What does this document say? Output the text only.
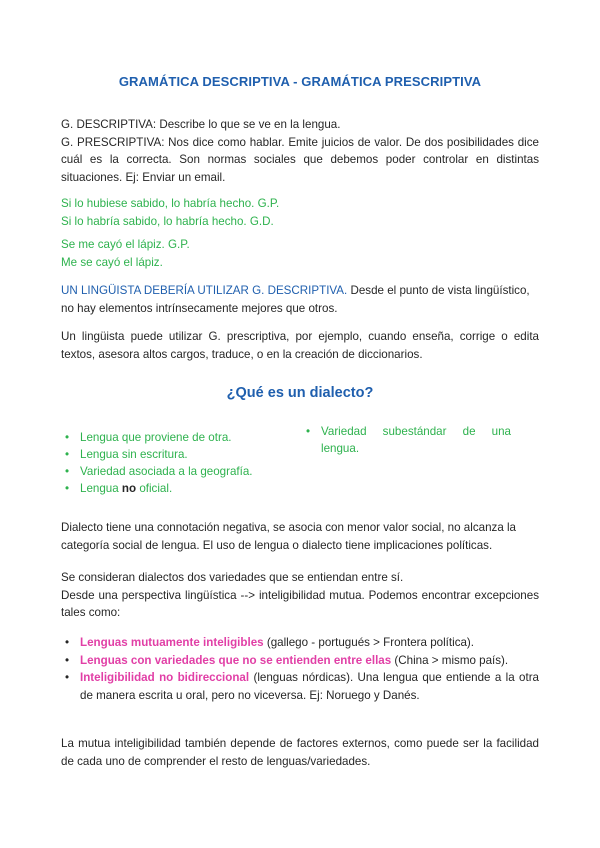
GRAMÁTICA DESCRIPTIVA - GRAMÁTICA PRESCRIPTIVA
G. DESCRIPTIVA: Describe lo que se ve en la lengua.
G. PRESCRIPTIVA: Nos dice como hablar. Emite juicios de valor. De dos posibilidades dice cuál es la correcta. Son normas sociales que debemos poder controlar en distintas situaciones. Ej: Enviar un email.
Si lo hubiese sabido, lo habría hecho. G.P.
Si lo habría sabido, lo habría hecho. G.D.
Se me cayó el lápiz. G.P.
Me se cayó el lápiz.
UN LINGÜISTA DEBERÍA UTILIZAR G. DESCRIPTIVA. Desde el punto de vista lingüístico, no hay elementos intrínsecamente mejores que otros.
Un lingüista puede utilizar G. prescriptiva, por ejemplo, cuando enseña, corrige o edita textos, asesora altos cargos, traduce, o en la creación de diccionarios.
¿Qué es un dialecto?
• Lengua que proviene de otra.
• Lengua sin escritura.
• Variedad asociada a la geografía.
• Lengua no oficial.
• Variedad subestándar de una lengua.
Dialecto tiene una connotación negativa, se asocia con menor valor social, no alcanza la categoría social de lengua. El uso de lengua o dialecto tiene implicaciones políticas.
Se consideran dialectos dos variedades que se entiendan entre sí.
Desde una perspectiva lingüística --> inteligibilidad mutua. Podemos encontrar excepciones tales como:
• Lenguas mutuamente inteligibles (gallego - portugués > Frontera política).
• Lenguas con variedades que no se entienden entre ellas (China > mismo país).
• Inteligibilidad no bidireccional (lenguas nórdicas). Una lengua que entiende a la otra de manera escrita u oral, pero no viceversa. Ej: Noruego y Danés.
La mutua inteligibilidad también depende de factores externos, como puede ser la facilidad de cada uno de comprender el resto de lenguas/variedades.
